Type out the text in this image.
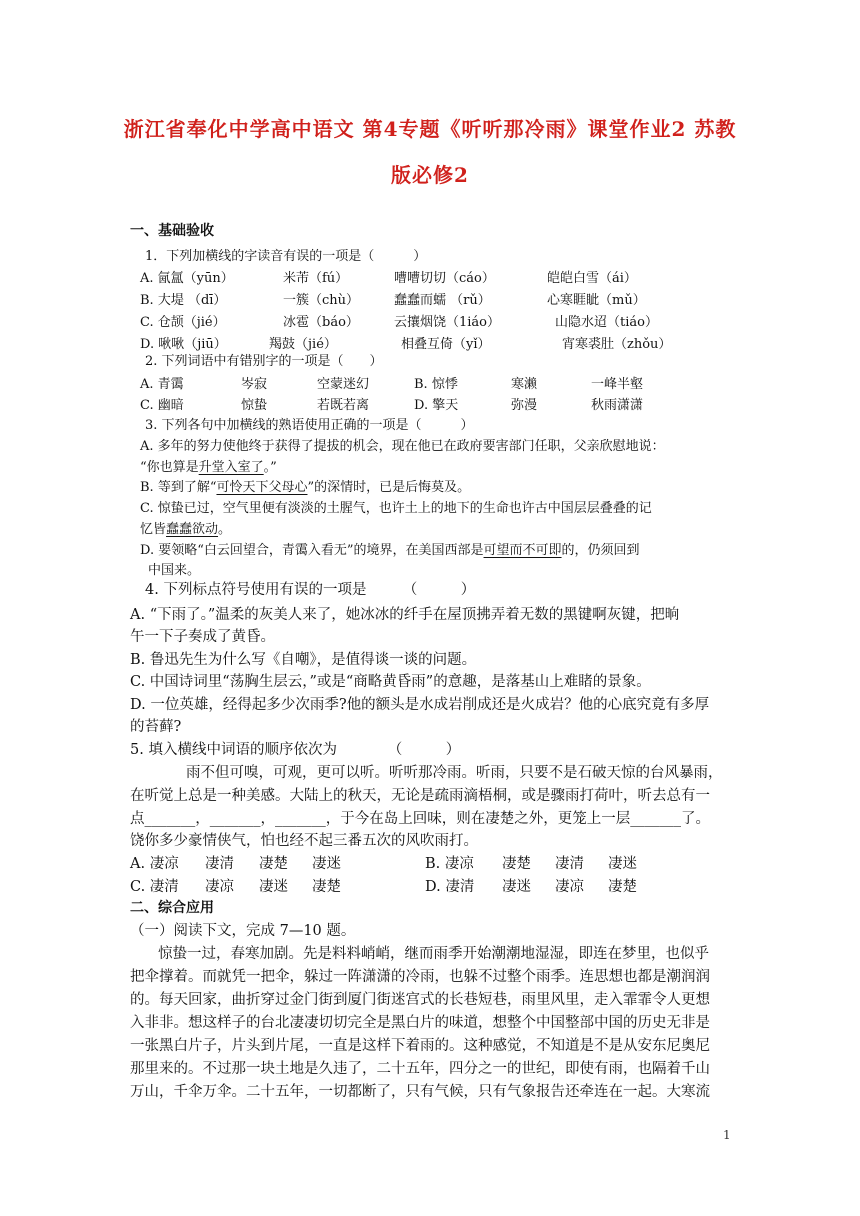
浙江省奉化中学高中语文 第4专题《听听那冷雨》课堂作业2 苏教
版必修2
一、基础验收
1．下列加横线的字读音有误的一项是（　　　）
A. 氤氲（yūn）	米芾（fú）	嘈嘈切切（cáo）	皑皑白雪（ái）
B. 大堤 （dī）	一簇（chù）	蠢蠢而蠕 （rǔ）	心寒睚眦（mǔ）
C. 仓颉（jié）	冰雹（báo）	云攘烟饶（1iáo）	山隐水迢（tiáo）
D. 啾啾（jiū）	羯鼓（jié）	相叠互倚（yǐ）	宵寒裘肚（zhǒu）
2. 下列词语中有错别字的一项是（　　）
A. 青霭	岑寂	空蒙迷幻	B. 惊悸	寒濑	一峰半壑
C. 幽暗	惊蛰	若既若离	D. 擎天	弥漫	秋雨潇潇
3. 下列各句中加横线的熟语使用正确的一项是（　　　）
A. 多年的努力使他终于获得了提拔的机会，现在他已在政府要害部门任职，父亲欣慰地说：
“你也算是升堂入室了。”
B. 等到了解“可怜天下父母心”的深情时，已是后悔莫及。
C. 惊蛰已过，空气里便有淡淡的土腥气，也许土上的地下的生命也许古中国层层叠叠的记
忆皆蠢蠢欲动。
D. 要领略“白云回望合，青霭入看无”的境界，在美国西部是可望而不可即的，仍须回到
中国来。
4. 下列标点符号使用有误的一项是　　　（　　　）
A. “下雨了。”温柔的灰美人来了，她冰冰的纤手在屋顶拂弄着无数的黑键啊灰键，把晌
午一下子奏成了黄昏。
B. 鲁迅先生为什么写《自嘲》，是值得谈一谈的问题。
C. 中国诗词里“荡胸生层云，”或是“商略黄昏雨”的意趣，是落基山上难睹的景象。
D. 一位英雄，经得起多少次雨季?他的额头是水成岩削成还是火成岩？他的心底究竟有多厚
的苔藓?
5. 填入横线中词语的顺序依次为　　　　（　　　）
雨不但可嗅，可观，更可以听。听听那冷雨。听雨，只要不是石破天惊的台风暴雨，
在听觉上总是一种美感。大陆上的秋天，无论是疏雨滴梧桐，或是骤雨打荷叶，听去总有一
点_______，_______，_______，于今在岛上回味，则在凄楚之外，更笼上一层_______了。
饶你多少豪情侠气，怕也经不起三番五次的风吹雨打。
A. 凄凉 凄清 凄楚 凄迷	B. 凄凉 凄楚 凄清 凄迷
C. 凄清 凄凉 凄迷 凄楚	D. 凄清 凄迷 凄凉 凄楚
二、综合应用
（一）阅读下文，完成 7—10 题。
惊蛰一过，春寒加剧。先是料料峭峭，继而雨季开始潮潮地湿湿，即连在梦里，也似乎
把伞撑着。而就凭一把伞，躲过一阵潇潇的冷雨，也躲不过整个雨季。连思想也都是潮润润
的。每天回家，曲折穿过金门街到厦门街迷宫式的长巷短巷，雨里风里，走入霏霏令人更想
入非非。想这样子的台北凄凄切切完全是黑白片的味道，想整个中国整部中国的历史无非是
一张黑白片子，片头到片尾，一直是这样下着雨的。这种感觉，不知道是不是从安东尼奥尼
那里来的。不过那一块土地是久违了，二十五年，四分之一的世纪，即使有雨，也隔着千山
万山，千伞万伞。二十五年，一切都断了，只有气候，只有气象报告还牵连在一起。大寒流
1
